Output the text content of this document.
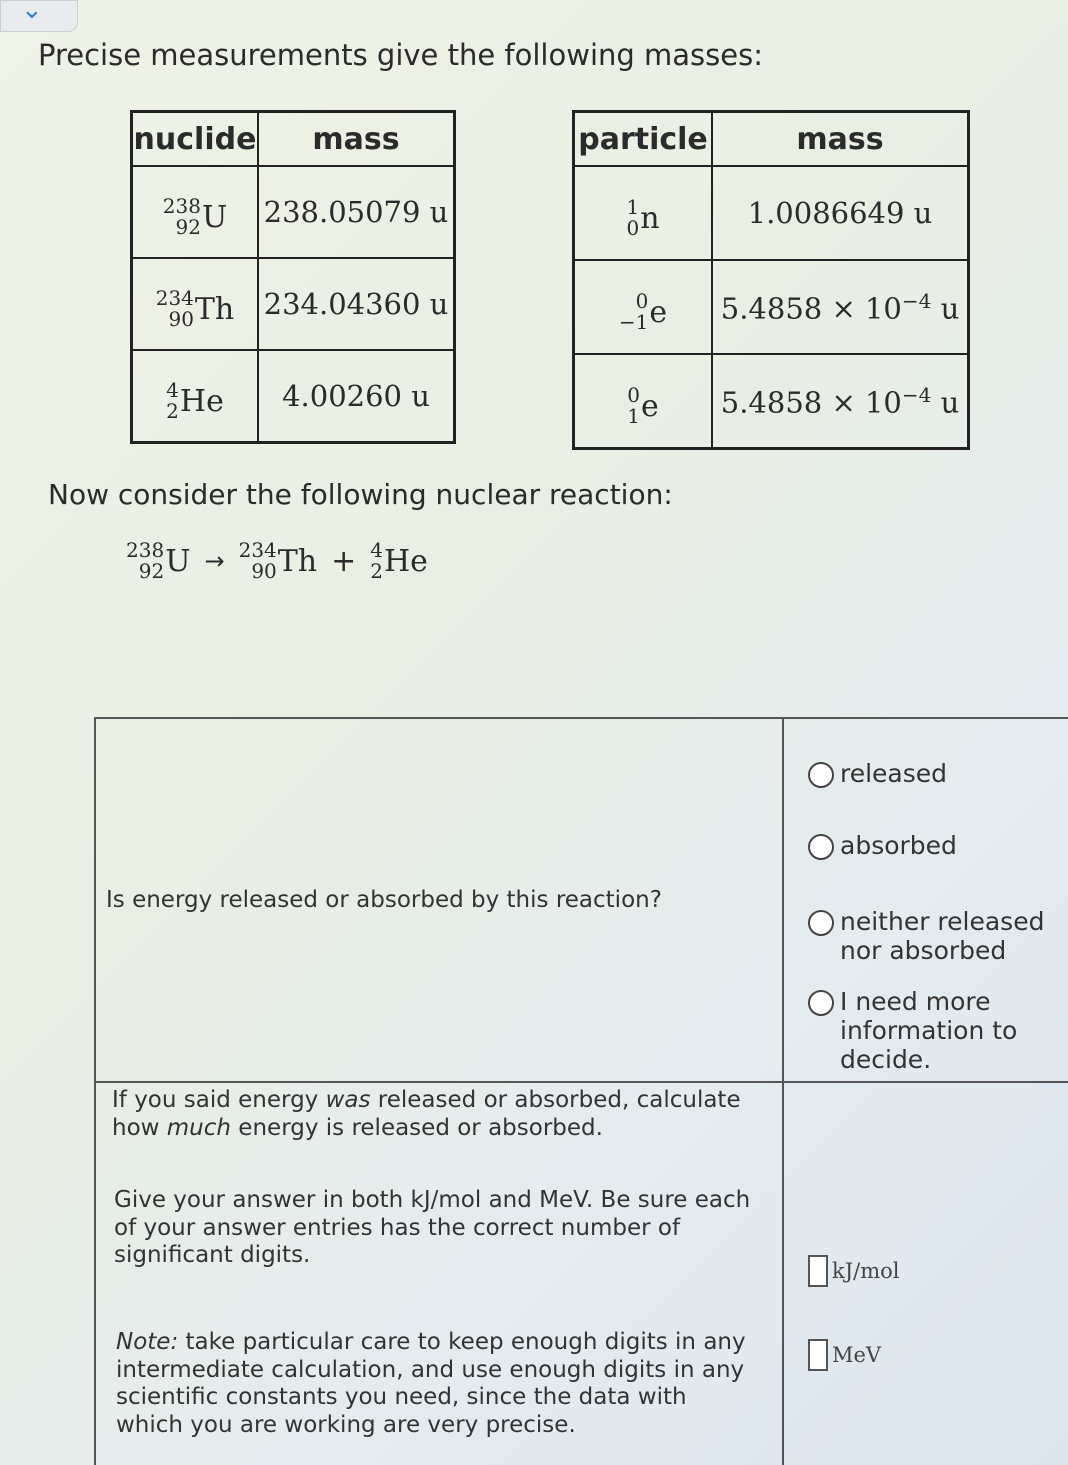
⌄
Precise measurements give the following masses:
nuclide	mass

238
92 U	238.05079 u

234
90 Th	234.04360 u

4
2 He	4.00260 u
particle	mass

1
0 n	1.0086649 u

0
−1 e	$5.4858 \times 10^{-4}$ u

0
1 e	$5.4858 \times 10^{-4}$ u
Now consider the following nuclear reaction:
238
92 U → 234
90 Th + 4
2 He
Is energy released or absorbed by this reaction?
released
absorbed
neither released nor absorbed
I need more information to decide.
If you said energy was released or absorbed, calculate how much energy is released or absorbed.
Give your answer in both kJ/mol and MeV. Be sure each of your answer entries has the correct number of significant digits.
Note: take particular care to keep enough digits in any intermediate calculation, and use enough digits in any scientific constants you need, since the data with which you are working are very precise.
kJ/mol
MeV
